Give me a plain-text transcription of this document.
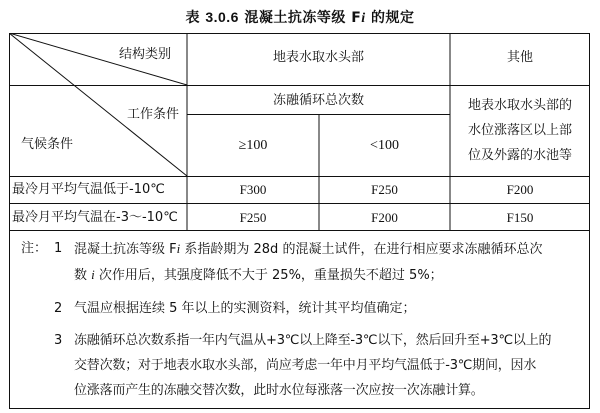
表 3.0.6 混凝土抗冻等级 Fi 的规定
结构类别
工作条件
气候条件
地表水取水头部	其他
冻融循环总次数
≥100	<100
地表水取水头部的
水位涨落区以上部
位及外露的水池等
最冷月平均气温低于-10℃	F300	F250	F200
最冷月平均气温在-3～-10℃	F250	F200	F150
注： 1 混凝土抗冻等级 Fi 系指龄期为 28d 的混凝土试件，在进行相应要求冻融循环总次
数 i 次作用后，其强度降低不大于 25%，重量损失不超过 5%；
2 气温应根据连续 5 年以上的实测资料，统计其平均值确定；
3 冻融循环总次数系指一年内气温从+3℃以上降至-3℃以下，然后回升至+3℃以上的
交替次数；对于地表水取水头部，尚应考虑一年中月平均气温低于-3℃期间，因水
位涨落而产生的冻融交替次数，此时水位每涨落一次应按一次冻融计算。
